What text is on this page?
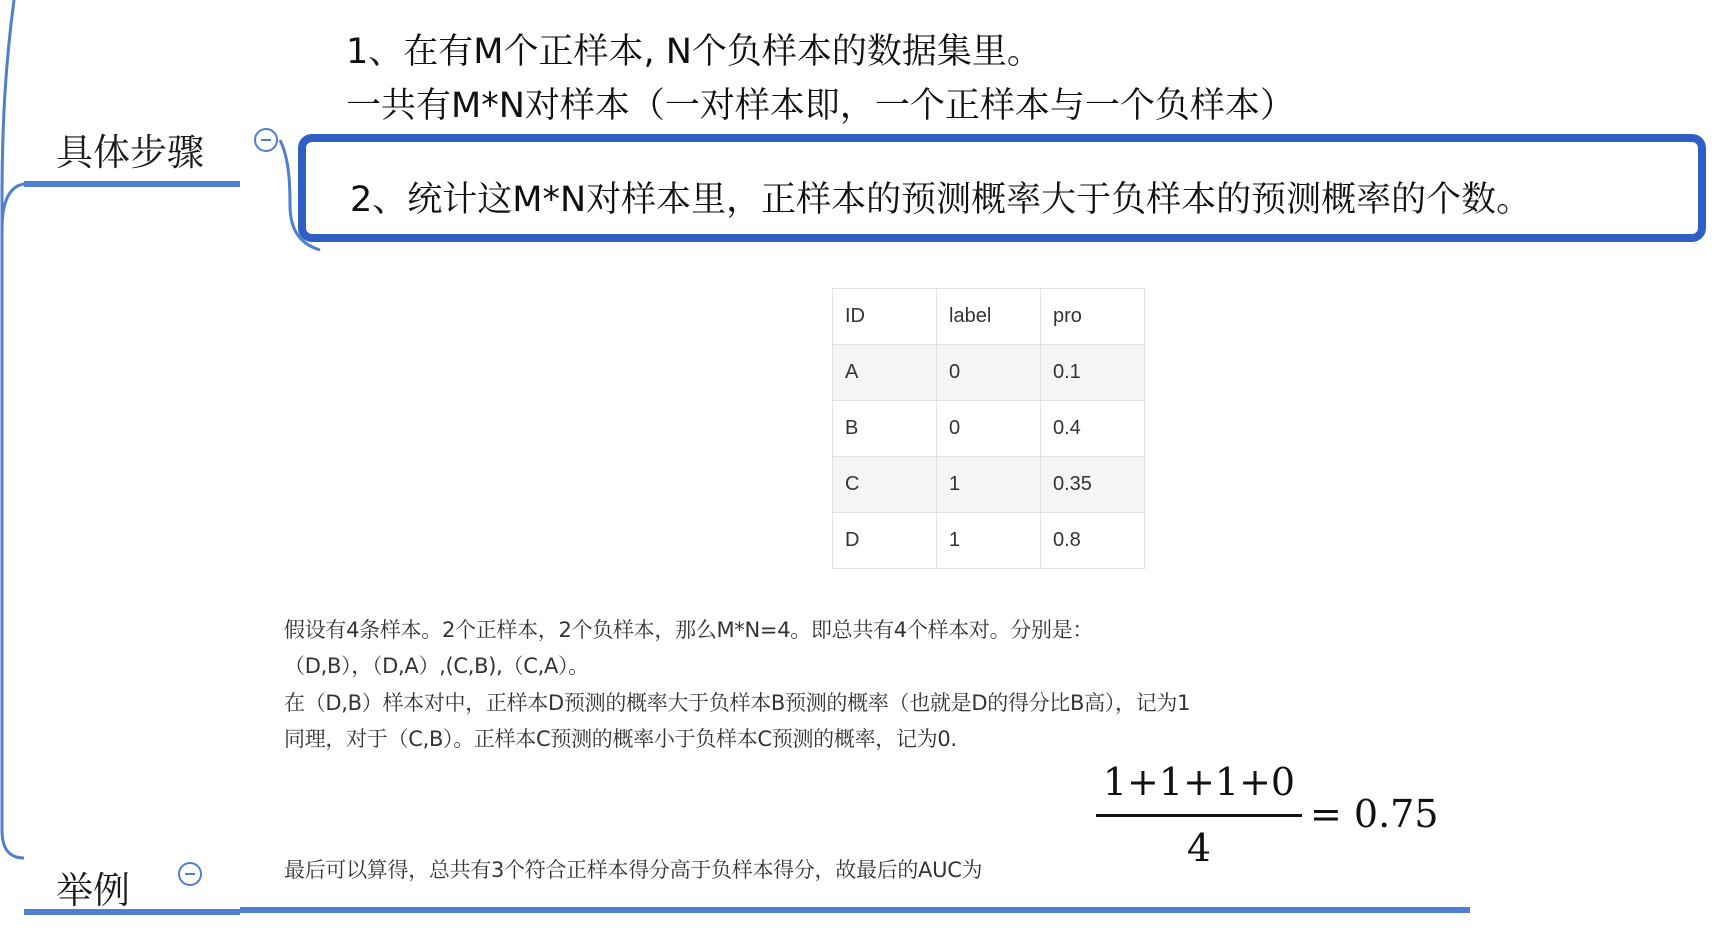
具体步骤
举例
1、在有M个正样本, N个负样本的数据集里。
一共有M*N对样本（一对样本即，一个正样本与一个负样本）
2、统计这M*N对样本里，正样本的预测概率大于负样本的预测概率的个数。
ID	label	pro
A	0	0.1
B	0	0.4
C	1	0.35
D	1	0.8
假设有4条样本。2个正样本，2个负样本，那么M*N=4。即总共有4个样本对。分别是：
（D,B），（D,A）,(C,B),（C,A）。
在（D,B）样本对中，正样本D预测的概率大于负样本B预测的概率（也就是D的得分比B高），记为1
同理，对于（C,B）。正样本C预测的概率小于负样本C预测的概率，记为0.
最后可以算得，总共有3个符合正样本得分高于负样本得分，故最后的AUC为
1+1+1+0
4
= 0.75
